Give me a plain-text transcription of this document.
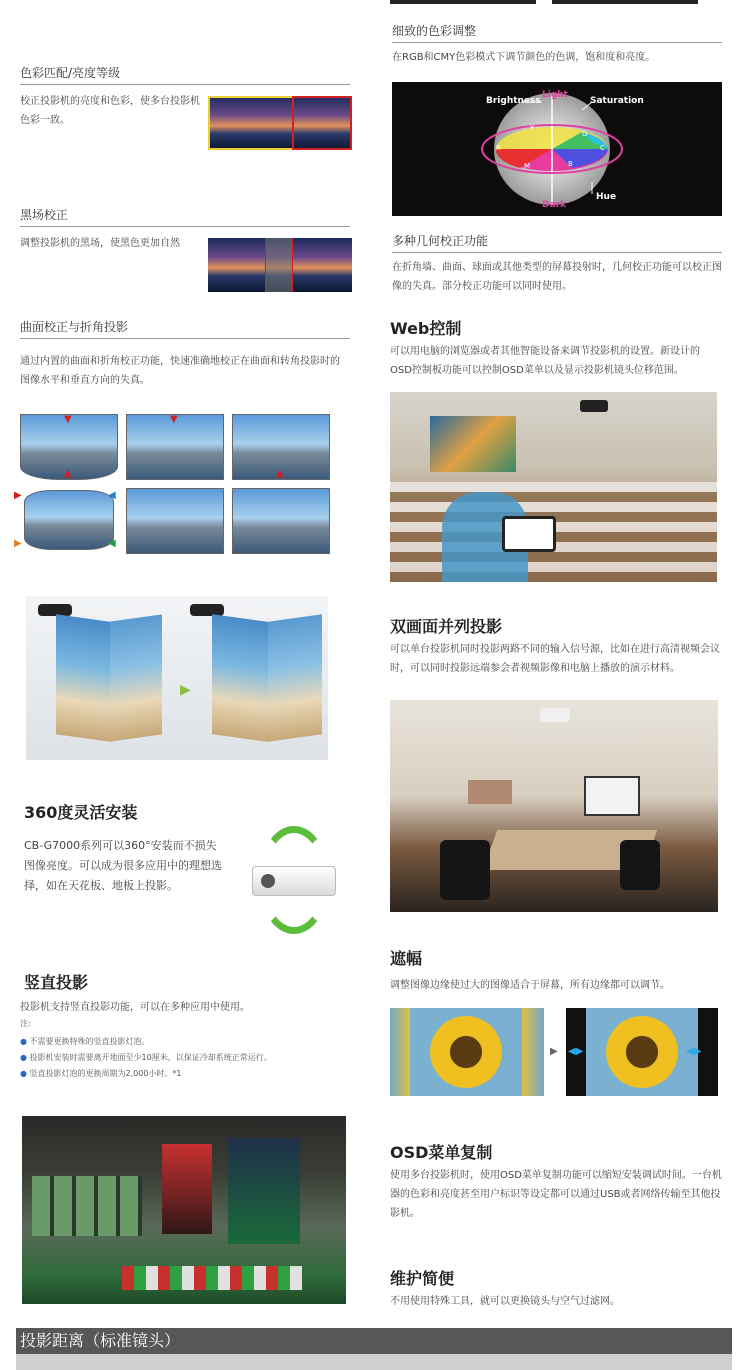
色彩匹配/亮度等级
校正投影机的亮度和色彩，使多台投影机色彩一致。
黑场校正
调整投影机的黑场，使黑色更加自然
曲面校正与折角投影
通过内置的曲面和折角校正功能，快速准确地校正在曲面和转角投影时的图像水平和垂直方向的失真。
▼
▲
▼
▲
▶	◀
▶	◀
▶
360度灵活安装
CB-G7000系列可以360°安装而不损失图像亮度。可以成为很多应用中的理想选择，如在天花板、地板上投影。
竖直投影
投影机支持竖直投影功能，可以在多种应用中使用。
注:
● 不需要更换特殊的竖直投影灯泡。
● 投影机安装时需要离开地面至少10厘米，以保证冷却系统正常运行。
● 竖直投影灯泡的更换周期为2,000小时。*1
细致的色彩调整
在RGB和CMY色彩模式下调节颜色的色调，饱和度和亮度。
Brightness
Light
Saturation
Dark
Hue
Y
R
G
C
M	B
多种几何校正功能
在折角墙、曲面、球面或其他类型的屏幕投射时，几何校正功能可以校正图像的失真。部分校正功能可以同时使用。
Web控制
可以用电脑的浏览器或者其他智能设备来调节投影机的设置。新设计的OSD控制板功能可以控制OSD菜单以及显示投影机镜头位移范围。
双画面并列投影
可以单台投影机同时投影两路不同的输入信号源，比如在进行高清视频会议时，可以同时投影远端参会者视频影像和电脑上播放的演示材料。
遮幅
调整图像边缘使过大的图像适合于屏幕，所有边缘都可以调节。
▶ ◀▶	◀▶
OSD菜单复制
使用多台投影机时，使用OSD菜单复制功能可以缩短安装调试时间。一台机器的色彩和亮度甚至用户标识等设定都可以通过USB或者网络传输至其他投影机。
维护简便
不用使用特殊工具，就可以更换镜头与空气过滤网。
投影距离（标准镜头）
